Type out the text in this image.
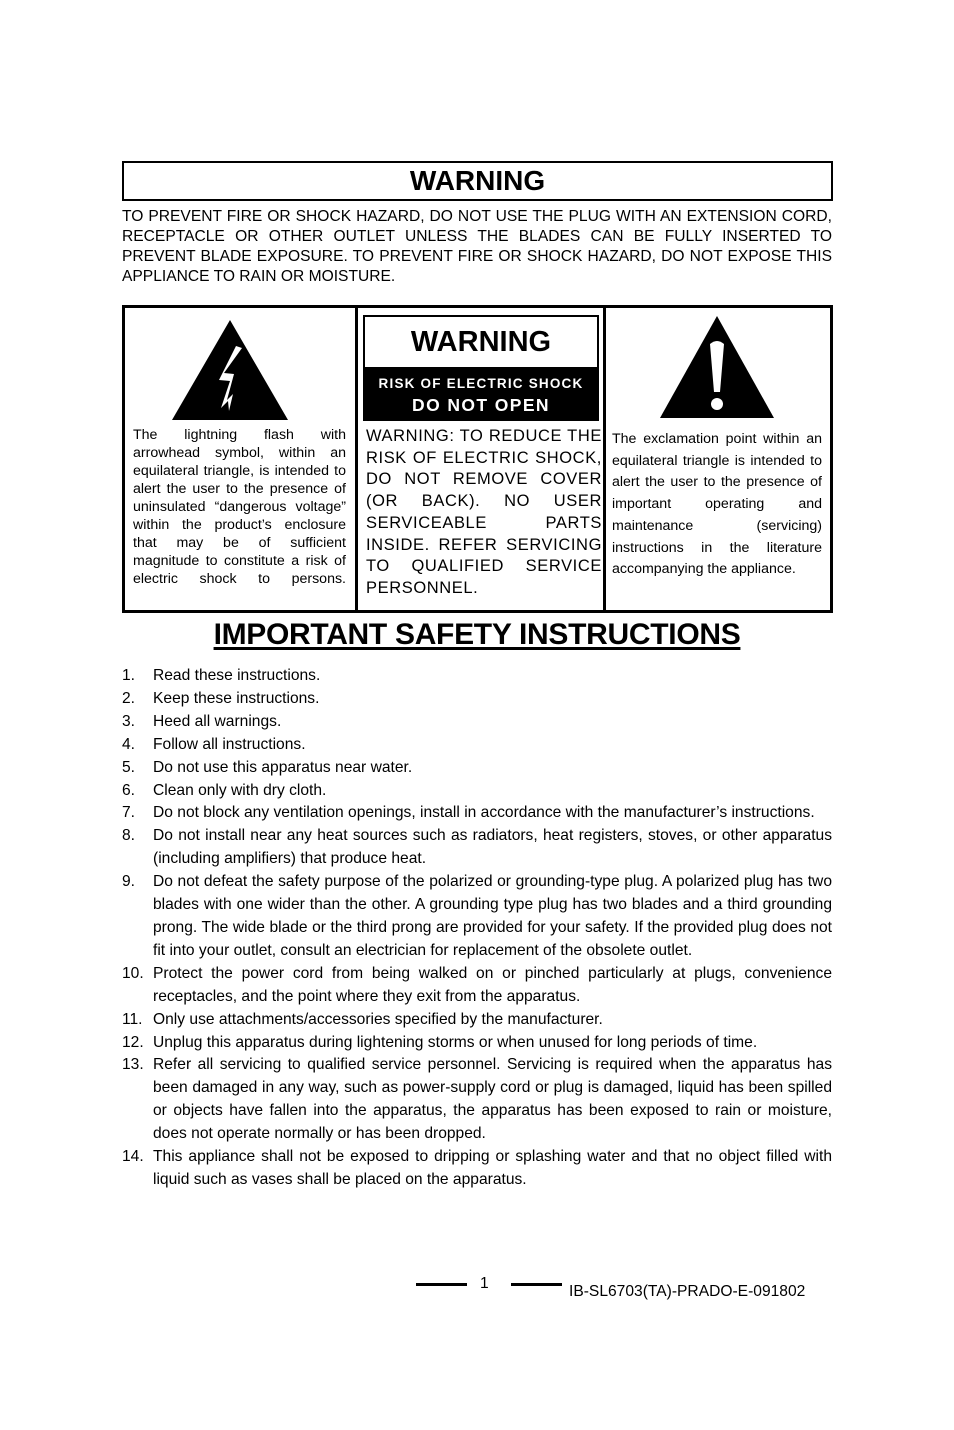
WARNING
TO PREVENT FIRE OR SHOCK HAZARD, DO NOT USE THE PLUG WITH AN EXTENSION CORD, RECEPTACLE OR OTHER OUTLET UNLESS THE BLADES CAN BE FULLY INSERTED TO PREVENT BLADE EXPOSURE. TO PREVENT FIRE OR SHOCK HAZARD, DO NOT EXPOSE THIS APPLIANCE TO RAIN OR MOISTURE.
The lightning flash with arrowhead symbol, within an equilateral triangle, is intended to alert the user to the presence of uninsulated “dangerous voltage” within the product’s enclosure that may be of sufficient magnitude to constitute a risk of electric shock to persons.
WARNING
RISK OF ELECTRIC SHOCK
DO NOT OPEN
WARNING: TO REDUCE THE RISK OF ELECTRIC SHOCK, DO NOT REMOVE COVER (OR BACK). NO USER SERVICEABLE PARTS INSIDE. REFER SERVICING TO QUALIFIED SERVICE PERSONNEL.
The exclamation point within an equilateral triangle is intended to alert the user to the presence of important operating and maintenance (servicing) instructions in the literature accompanying the appliance.
IMPORTANT SAFETY INSTRUCTIONS
1.	Read these instructions.
2.	Keep these instructions.
3.	Heed all warnings.
4.	Follow all instructions.
5.	Do not use this apparatus near water.
6.	Clean only with dry cloth.
7.	Do not block any ventilation openings, install in accordance with the manufacturer’s instructions.
8.	Do not install near any heat sources such as radiators, heat registers, stoves, or other apparatus (including amplifiers) that produce heat.
9.	Do not defeat the safety purpose of the polarized or grounding-type plug. A polarized plug has two blades with one wider than the other. A grounding type plug has two blades and a third grounding prong. The wide blade or the third prong are provided for your safety. If the provided plug does not fit into your outlet, consult an electrician for replacement of the obsolete outlet.
10. Protect the power cord from being walked on or pinched particularly at plugs, convenience receptacles, and the point where they exit from the apparatus.
11. Only use attachments/accessories specified by the manufacturer.
12. Unplug this apparatus during lightening storms or when unused for long periods of time.
13. Refer all servicing to qualified service personnel. Servicing is required when the apparatus has been damaged in any way, such as power-supply cord or plug is damaged, liquid has been spilled or objects have fallen into the apparatus, the apparatus has been exposed to rain or moisture, does not operate normally or has been dropped.
14. This appliance shall not be exposed to dripping or splashing water and that no object filled with liquid such as vases shall be placed on the apparatus.
1	IB-SL6703(TA)-PRADO-E-091802
